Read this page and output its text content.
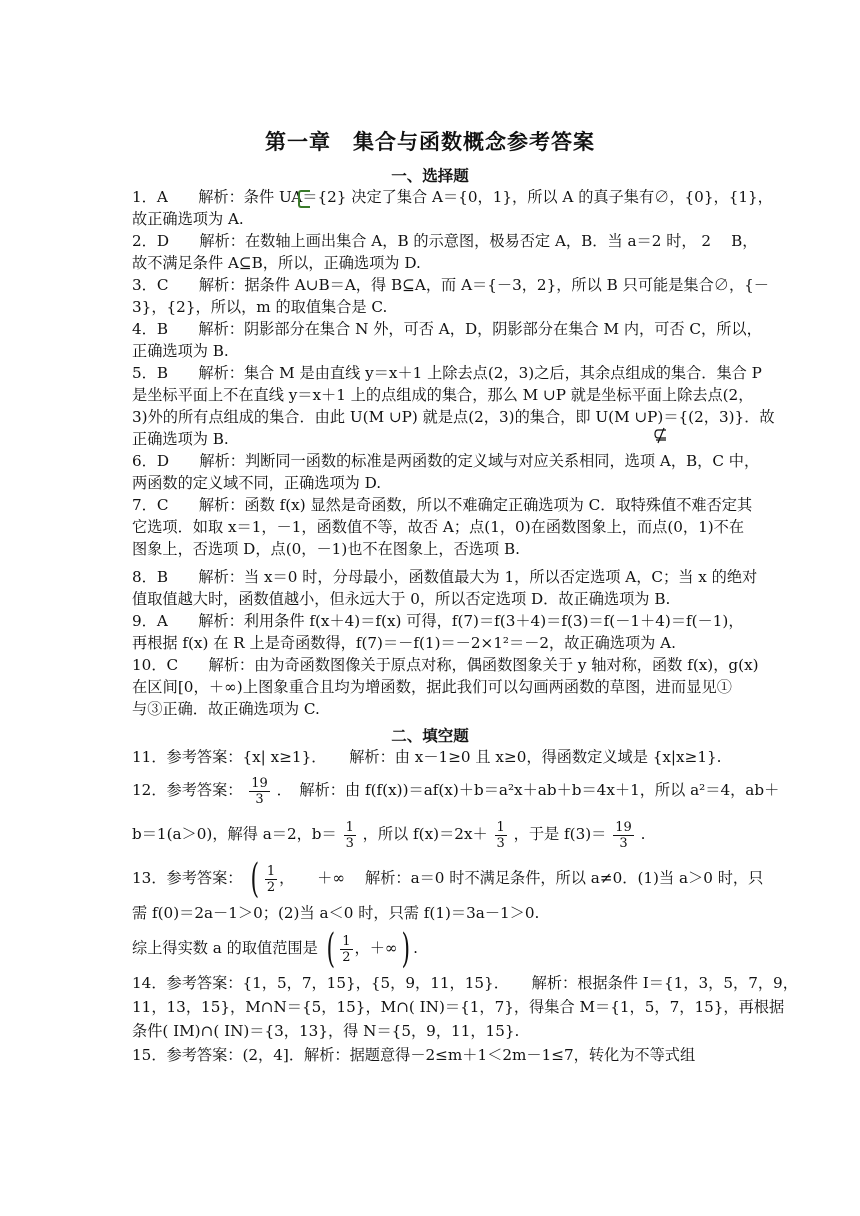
第一章　集合与函数概念参考答案
一、选择题
1．A　　解析：条件 UA＝{2} 决定了集合 A＝{0，1}，所以 A 的真子集有∅，{0}，{1}，
故正确选项为 A.
2．D　　解析：在数轴上画出集合 A，B 的示意图，极易否定 A，B．当 a＝2 时， 2　 B，
故不满足条件 A⊆B，所以，正确选项为 D.
3．C　　解析：据条件 A∪B＝A，得 B⊆A，而 A＝{－3，2}，所以 B 只可能是集合∅，{－
3}，{2}，所以，m 的取值集合是 C.
4．B　　解析：阴影部分在集合 N 外，可否 A，D，阴影部分在集合 M 内，可否 C，所以，
正确选项为 B.
5．B　　解析：集合 M 是由直线 y＝x＋1 上除去点(2，3)之后，其余点组成的集合．集合 P
是坐标平面上不在直线 y＝x＋1 上的点组成的集合，那么 M ∪P 就是坐标平面上除去点(2，
3)外的所有点组成的集合．由此 U(M ∪P) 就是点(2，3)的集合，即 U(M ∪P)＝{(2，3)}．故
正确选项为 B.
6．D　　解析：判断同一函数的标准是两函数的定义域与对应关系相同，选项 A，B，C 中，
两函数的定义域不同，正确选项为 D.
7．C　　解析：函数 f(x) 显然是奇函数，所以不难确定正确选项为 C．取特殊值不难否定其
它选项．如取 x＝1，－1，函数值不等，故否 A；点(1，0)在函数图象上，而点(0，1)不在
图象上，否选项 D，点(0，－1)也不在图象上，否选项 B.
8．B　　解析：当 x＝0 时，分母最小，函数值最大为 1，所以否定选项 A，C；当 x 的绝对
值取值越大时，函数值越小，但永远大于 0，所以否定选项 D．故正确选项为 B.
9．A　　解析：利用条件 f(x＋4)＝f(x) 可得，f(7)＝f(3＋4)＝f(3)＝f(－1＋4)＝f(－1)，
再根据 f(x) 在 R 上是奇函数得，f(7)＝－f(1)＝－2×1²＝－2，故正确选项为 A.
10．C　　解析：由为奇函数图像关于原点对称，偶函数图象关于 y 轴对称，函数 f(x)，g(x)
在区间[0，＋∞)上图象重合且均为增函数，据此我们可以勾画两函数的草图，进而显见①
与③正确．故正确选项为 C.
二、填空题
11．参考答案：{x| x≥1}．　　解析：由 x－1≥0 且 x≥0，得函数定义域是 {x|x≥1}.
12．参考答案： $\frac{19}{3}$ ．　解析：由 f(f(x))＝af(x)＋b＝a²x＋ab＋b＝4x＋1，所以 a²＝4，ab＋
b＝1(a＞0)，解得 a＝2，$b= \frac{1}{3}$ ，所以 $f(x)=2x+ \frac{1}{3}$ ，于是 $f(3)= \frac{19}{3}$ .
13．参考答案： ( $\frac{1}{2}$ ，　　＋∞ 　解析：a＝0 时不满足条件，所以 a≠0．(1)当 a＞0 时，只
需 f(0)＝2a－1＞0；(2)当 a＜0 时，只需 f(1)＝3a－1＞0.
综上得实数 a 的取值范围是 ( $\frac{1}{2}$ ，＋∞) .
14．参考答案：{1，5，7，15}，{5，9，11，15}．　　解析：根据条件 I＝{1，3，5，7，9，
11，13，15}，M∩N＝{5，15}，M∩( IN)＝{1，7}，得集合 M＝{1，5，7，15}，再根据
条件( IM)∩( IN)＝{3，13}，得 N＝{5，9，11，15}.
15．参考答案：(2，4]．解析：据题意得－2≤m＋1＜2m－1≤7，转化为不等式组
